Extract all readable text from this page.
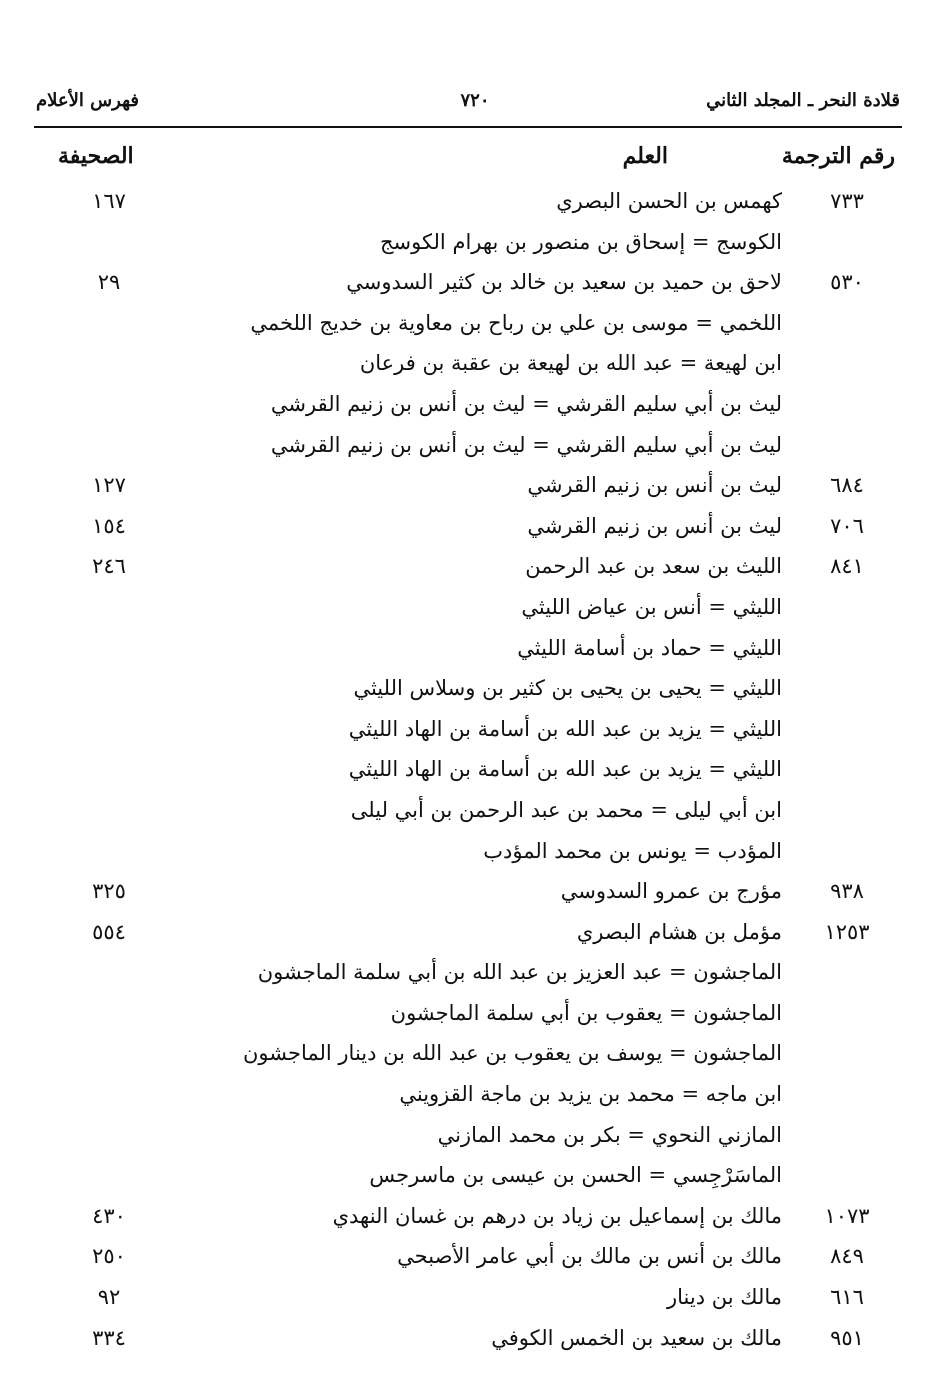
قلادة النحر ـ المجلد الثاني
٧٢٠
فهرس الأعلام
رقم الترجمة
العلم
الصحيفة
٧٣٣
كهمس بن الحسن البصري
١٦٧
الكوسج = إسحاق بن منصور بن بهرام الكوسج
٥٣٠
لاحق بن حميد بن سعيد بن خالد بن كثير السدوسي
٢٩
اللخمي = موسى بن علي بن رباح بن معاوية بن خديج اللخمي
ابن لهيعة = عبد الله بن لهيعة بن عقبة بن فرعان
ليث بن أبي سليم القرشي = ليث بن أنس بن زنيم القرشي
ليث بن أبي سليم القرشي = ليث بن أنس بن زنيم القرشي
٦٨٤
ليث بن أنس بن زنيم القرشي
١٢٧
٧٠٦
ليث بن أنس بن زنيم القرشي
١٥٤
٨٤١
الليث بن سعد بن عبد الرحمن
٢٤٦
الليثي = أنس بن عياض الليثي
الليثي = حماد بن أسامة الليثي
الليثي = يحيى بن يحيى بن كثير بن وسلاس الليثي
الليثي = يزيد بن عبد الله بن أسامة بن الهاد الليثي
الليثي = يزيد بن عبد الله بن أسامة بن الهاد الليثي
ابن أبي ليلى = محمد بن عبد الرحمن بن أبي ليلى
المؤدب = يونس بن محمد المؤدب
٩٣٨
مؤرج بن عمرو السدوسي
٣٢٥
١٢٥٣
مؤمل بن هشام البصري
٥٥٤
الماجشون = عبد العزيز بن عبد الله بن أبي سلمة الماجشون
الماجشون = يعقوب بن أبي سلمة الماجشون
الماجشون = يوسف بن يعقوب بن عبد الله بن دينار الماجشون
ابن ماجه = محمد بن يزيد بن ماجة القزويني
المازني النحوي = بكر بن محمد المازني
الماسَرْجِسي = الحسن بن عيسى بن ماسرجس
١٠٧٣
مالك بن إسماعيل بن زياد بن درهم بن غسان النهدي
٤٣٠
٨٤٩
مالك بن أنس بن مالك بن أبي عامر الأصبحي
٢٥٠
٦١٦
مالك بن دينار
٩٢
٩٥١
مالك بن سعيد بن الخمس الكوفي
٣٣٤
